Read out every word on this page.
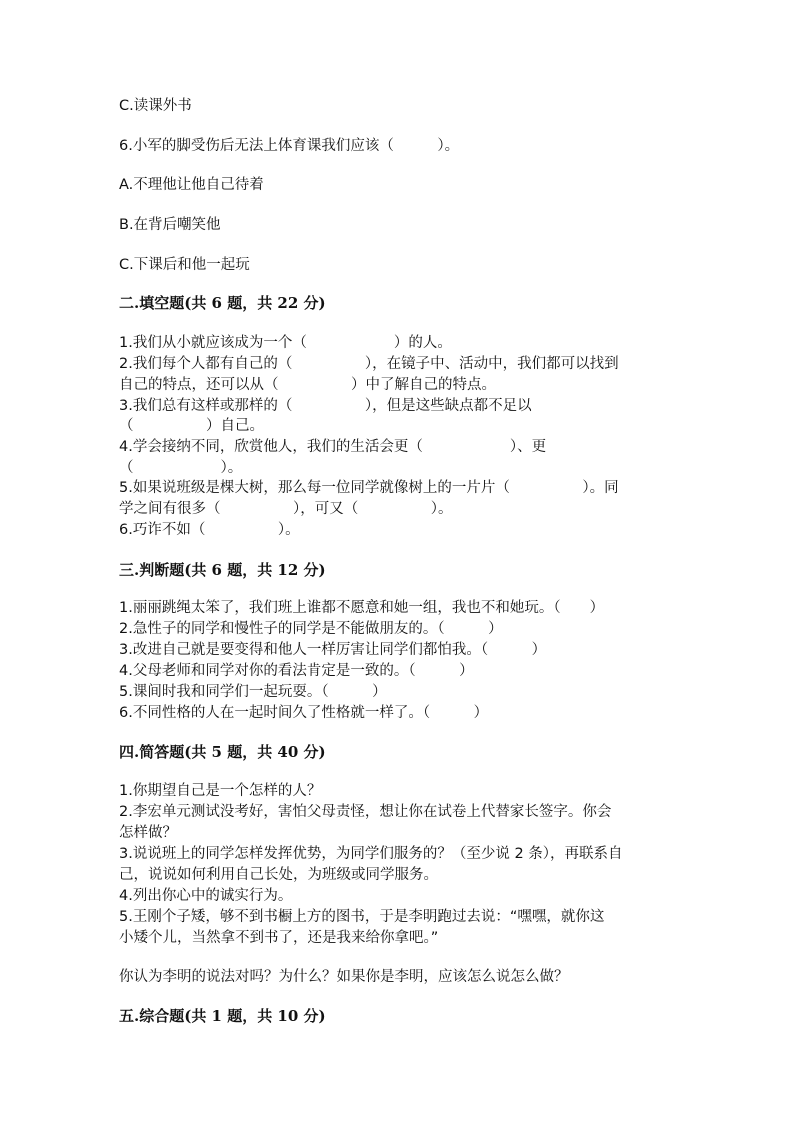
C.读课外书

6.小军的脚受伤后无法上体育课我们应该（　　　）。

A.不理他让他自己待着

B.在背后嘲笑他

C.下课后和他一起玩

二.填空题(共 6 题，共 22 分)

1.我们从小就应该成为一个（　　　　　　）的人。

2.我们每个人都有自己的（　　　　　），在镜子中、活动中，我们都可以找到

自己的特点，还可以从（　　　　　）中了解自己的特点。

3.我们总有这样或那样的（　　　　　），但是这些缺点都不足以

（　　　　　）自己。

4.学会接纳不同，欣赏他人，我们的生活会更（　　　　　　）、更

（　　　　　　）。

5.如果说班级是棵大树，那么每一位同学就像树上的一片片（　　　　　）。同

学之间有很多（　　　　　），可又（　　　　　）。

6.巧诈不如（　　　　　）。

三.判断题(共 6 题，共 12 分)

1.丽丽跳绳太笨了，我们班上谁都不愿意和她一组，我也不和她玩。（　　）

2.急性子的同学和慢性子的同学是不能做朋友的。（　　　）

3.改进自己就是要变得和他人一样厉害让同学们都怕我。（　　　）

4.父母老师和同学对你的看法肯定是一致的。（　　　）

5.课间时我和同学们一起玩耍。（　　　）

6.不同性格的人在一起时间久了性格就一样了。（　　　）

四.简答题(共 5 题，共 40 分)

1.你期望自己是一个怎样的人？

2.李宏单元测试没考好，害怕父母责怪，想让你在试卷上代替家长签字。你会

怎样做？

3.说说班上的同学怎样发挥优势，为同学们服务的？（至少说 2 条），再联系自

己，说说如何利用自己长处，为班级或同学服务。

4.列出你心中的诚实行为。

5.王刚个子矮，够不到书橱上方的图书，于是李明跑过去说：“嘿嘿，就你这

小矮个儿，当然拿不到书了，还是我来给你拿吧。”

你认为李明的说法对吗？为什么？如果你是李明，应该怎么说怎么做？

五.综合题(共 1 题，共 10 分)
